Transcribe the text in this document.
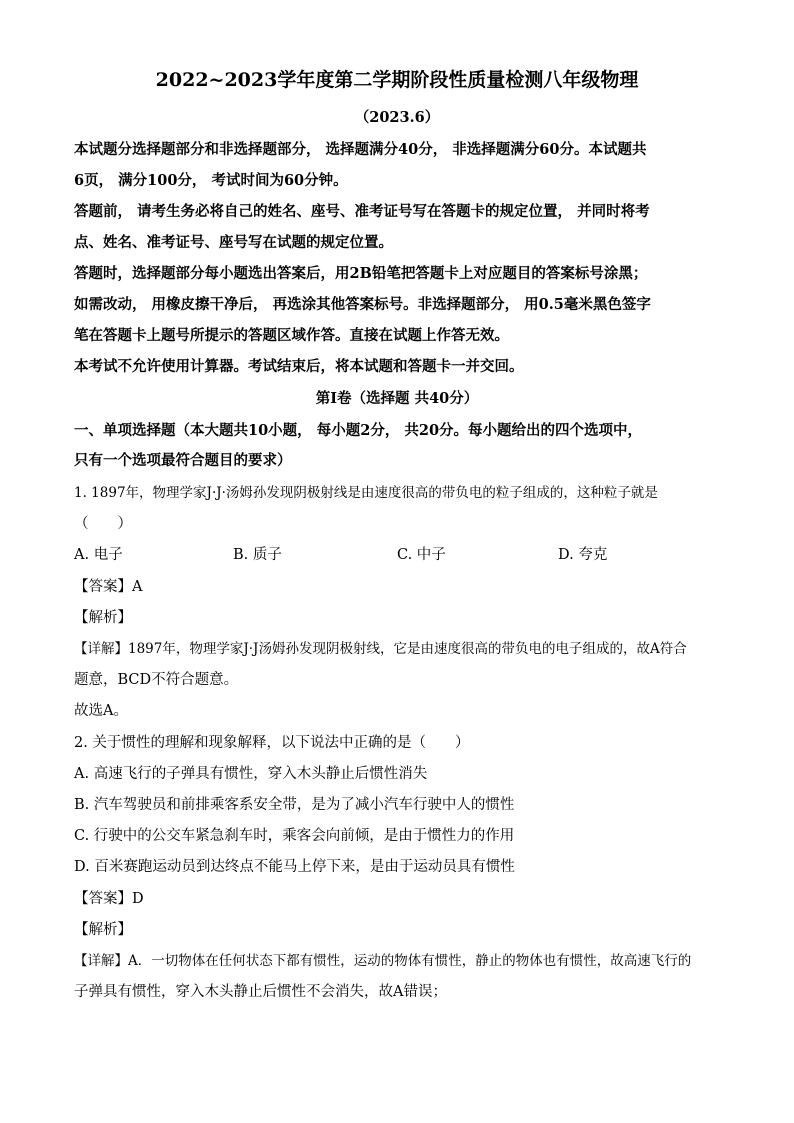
2022~2023学年度第二学期阶段性质量检测八年级物理
（2023.6）
本试题分选择题部分和非选择题部分， 选择题满分40分， 非选择题满分60分。本试题共
6页， 满分100分， 考试时间为60分钟。
答题前， 请考生务必将自己的姓名、座号、准考证号写在答题卡的规定位置， 并同时将考
点、姓名、准考证号、座号写在试题的规定位置。
答题时，选择题部分每小题选出答案后，用2B铅笔把答题卡上对应题目的答案标号涂黑；
如需改动， 用橡皮擦干净后， 再选涂其他答案标号。非选择题部分， 用0.5毫米黑色签字
笔在答题卡上题号所提示的答题区域作答。直接在试题上作答无效。
本考试不允许使用计算器。考试结束后，将本试题和答题卡一并交回。
第Ⅰ卷（选择题 共40分）
一、单项选择题（本大题共10小题， 每小题2分， 共20分。每小题给出的四个选项中，
只有一个选项最符合题目的要求）
1. 1897年，物理学家J·J·汤姆孙发现阴极射线是由速度很高的带负电的粒子组成的，这种粒子就是
（　　）
A. 电子	B. 质子	C. 中子	D. 夸克
【答案】A
【解析】
【详解】1897年，物理学家J·J汤姆孙发现阴极射线，它是由速度很高的带负电的电子组成的，故A符合
题意，BCD不符合题意。
故选A。
2. 关于惯性的理解和现象解释，以下说法中正确的是（　　）
A. 高速飞行的子弹具有惯性，穿入木头静止后惯性消失
B. 汽车驾驶员和前排乘客系安全带，是为了减小汽车行驶中人的惯性
C. 行驶中的公交车紧急刹车时，乘客会向前倾，是由于惯性力的作用
D. 百米赛跑运动员到达终点不能马上停下来，是由于运动员具有惯性
【答案】D
【解析】
【详解】A．一切物体在任何状态下都有惯性，运动的物体有惯性，静止的物体也有惯性，故高速飞行的
子弹具有惯性，穿入木头静止后惯性不会消失，故A错误；
